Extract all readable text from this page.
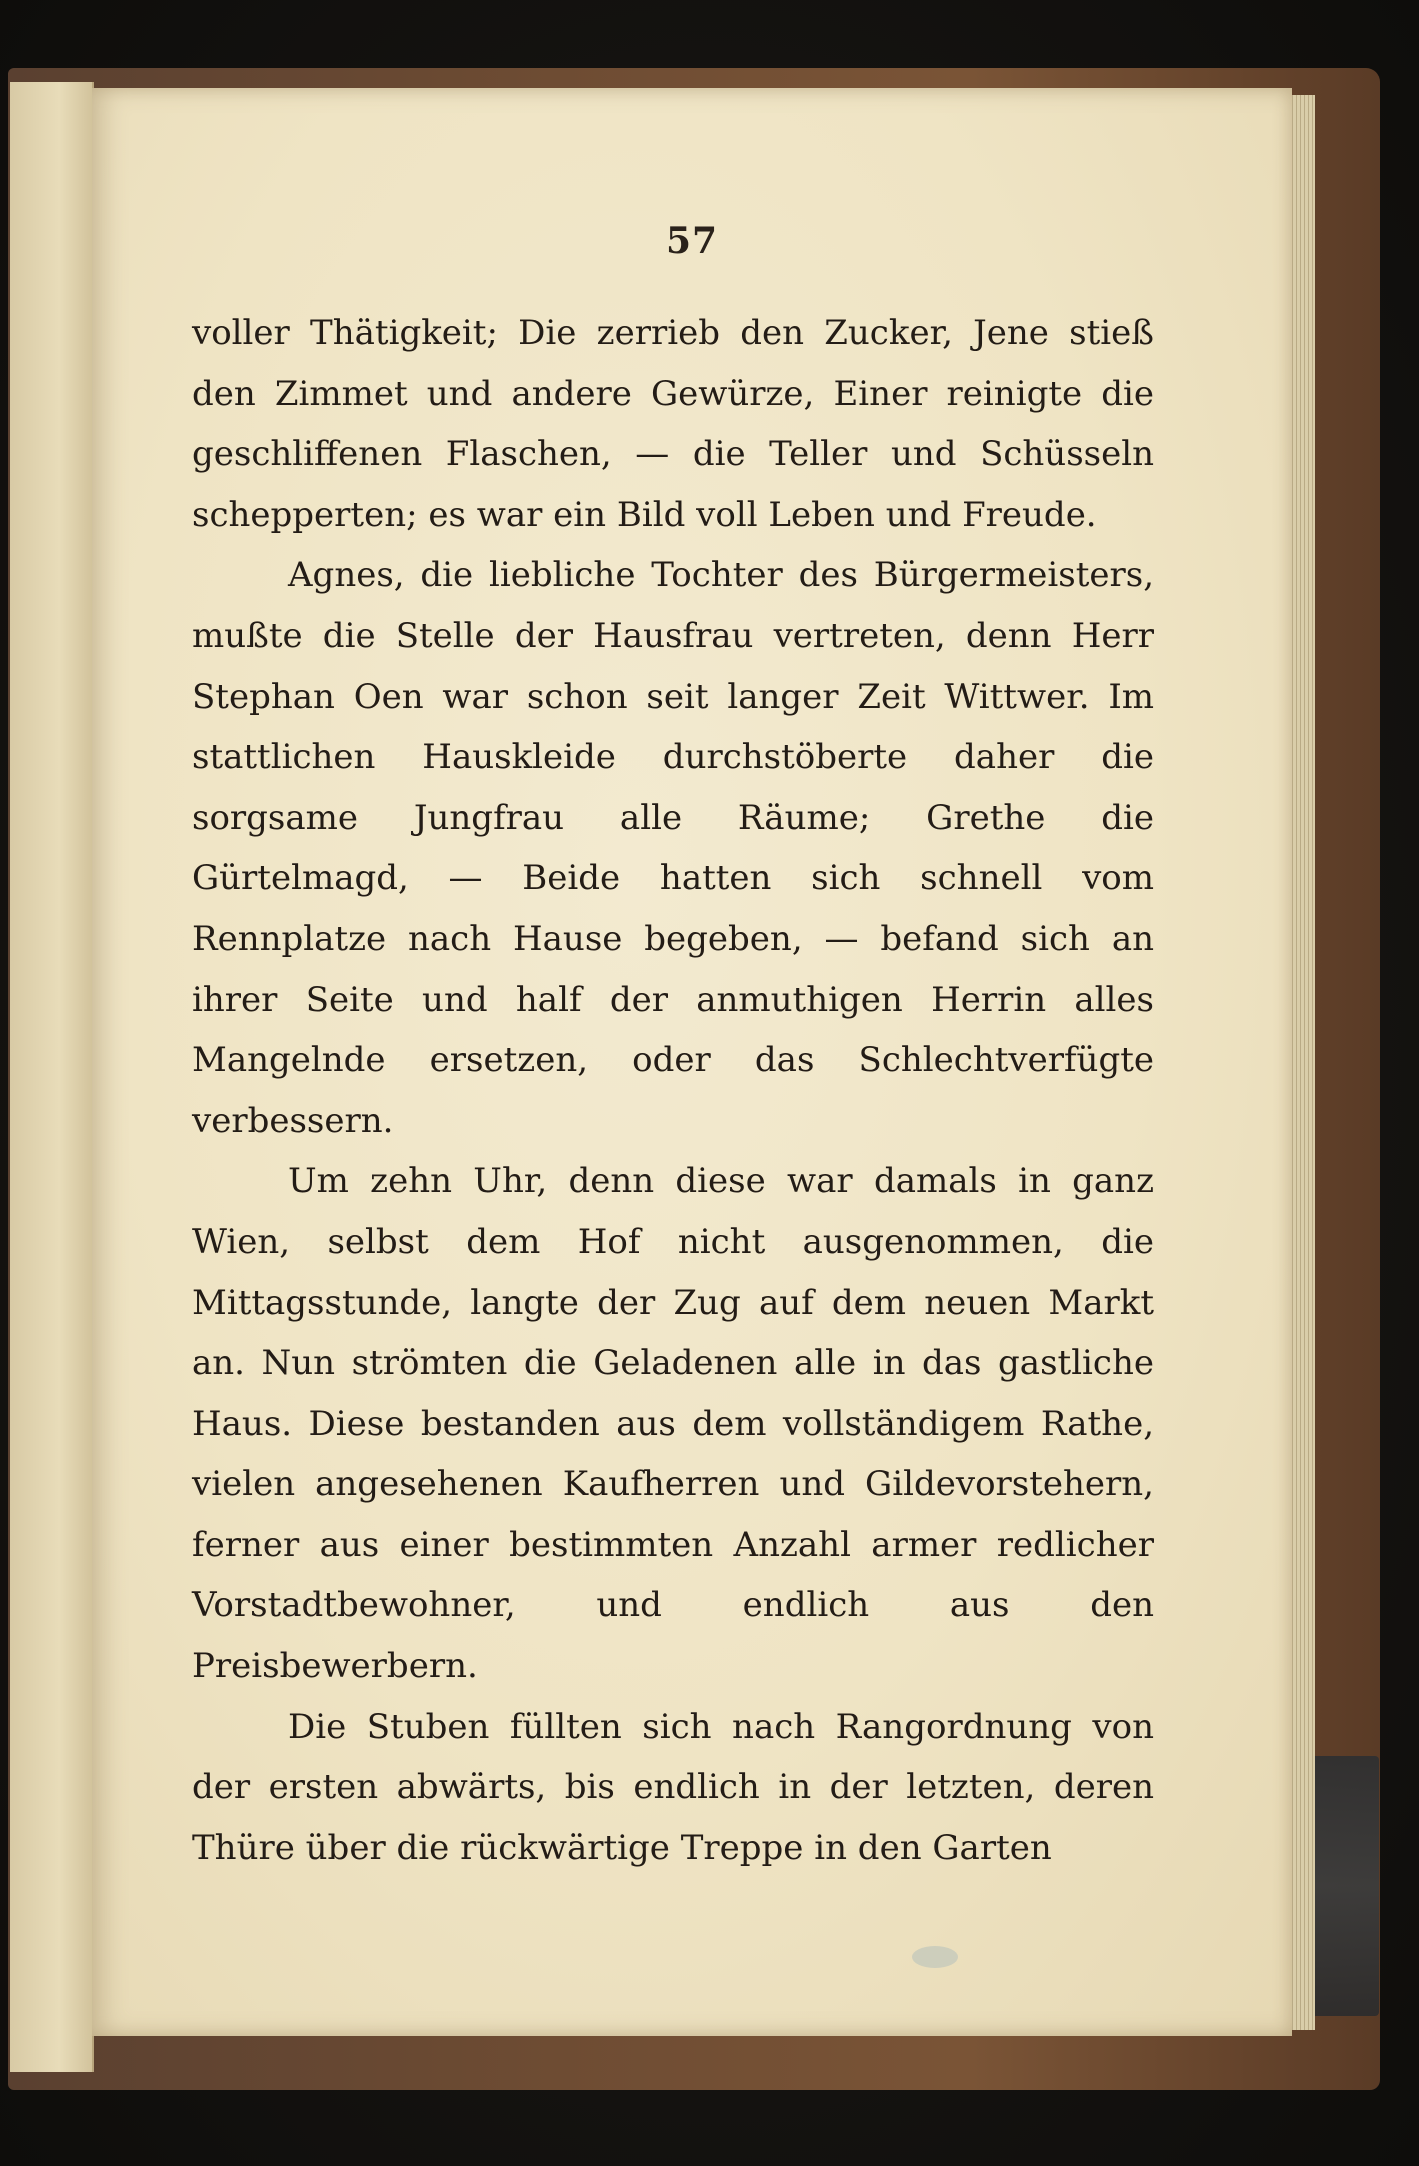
57

voller Thätigkeit; Die zerrieb den Zucker, Jene stieß den Zimmet und andere Gewürze, Einer reinigte die geschliffenen Flaschen, — die Teller und Schüsseln schepperten; es war ein Bild voll Leben und Freude.

Agnes, die liebliche Tochter des Bürgermeisters, mußte die Stelle der Hausfrau vertreten, denn Herr Stephan Oen war schon seit langer Zeit Wittwer. Im stattlichen Hauskleide durchstöberte daher die sorgsame Jungfrau alle Räume; Grethe die Gürtelmagd, — Beide hatten sich schnell vom Rennplatze nach Hause begeben, — befand sich an ihrer Seite und half der anmuthigen Herrin alles Mangelnde ersetzen, oder das Schlechtverfügte verbessern.

Um zehn Uhr, denn diese war damals in ganz Wien, selbst dem Hof nicht ausgenommen, die Mittagsstunde, langte der Zug auf dem neuen Markt an. Nun strömten die Geladenen alle in das gastliche Haus. Diese bestanden aus dem vollständigem Rathe, vielen angesehenen Kaufherren und Gildevorstehern, ferner aus einer bestimmten Anzahl armer redlicher Vorstadtbewohner, und endlich aus den Preisbewerbern.

Die Stuben füllten sich nach Rangordnung von der ersten abwärts, bis endlich in der letzten, deren Thüre über die rückwärtige Treppe in den Garten
